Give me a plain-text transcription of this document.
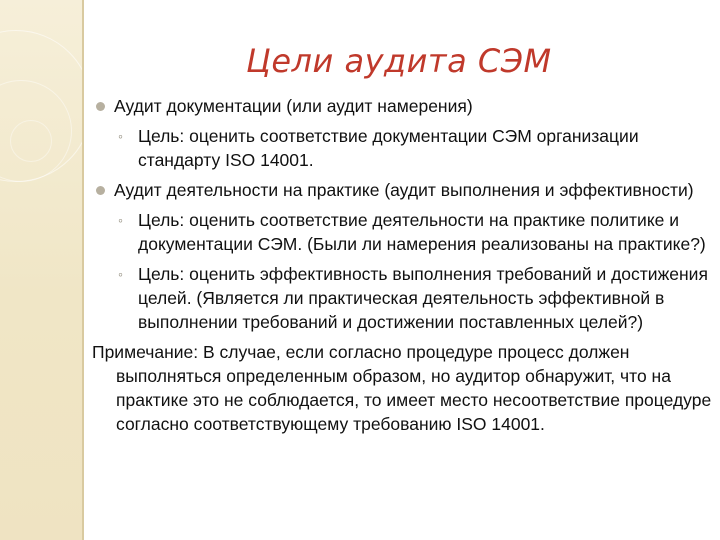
Цели аудита СЭМ
Аудит документации (или аудит намерения)
◦ Цель: оценить соответствие документации СЭМ организации стандарту ISO 14001.
Аудит деятельности на практике (аудит выполнения и эффективности)
◦ Цель: оценить соответствие деятельности на практике политике и документации СЭМ. (Были ли намерения реализованы на практике?)
◦ Цель: оценить эффективность выполнения требований и достижения целей. (Является ли практическая деятельность эффективной в выполнении требований и достижении поставленных целей?)
Примечание: В случае, если согласно процедуре процесс должен выполняться определенным образом, но аудитор обнаружит, что на практике это не соблюдается, то имеет место несоответствие процедуре согласно соответствующему требованию ISO 14001.
